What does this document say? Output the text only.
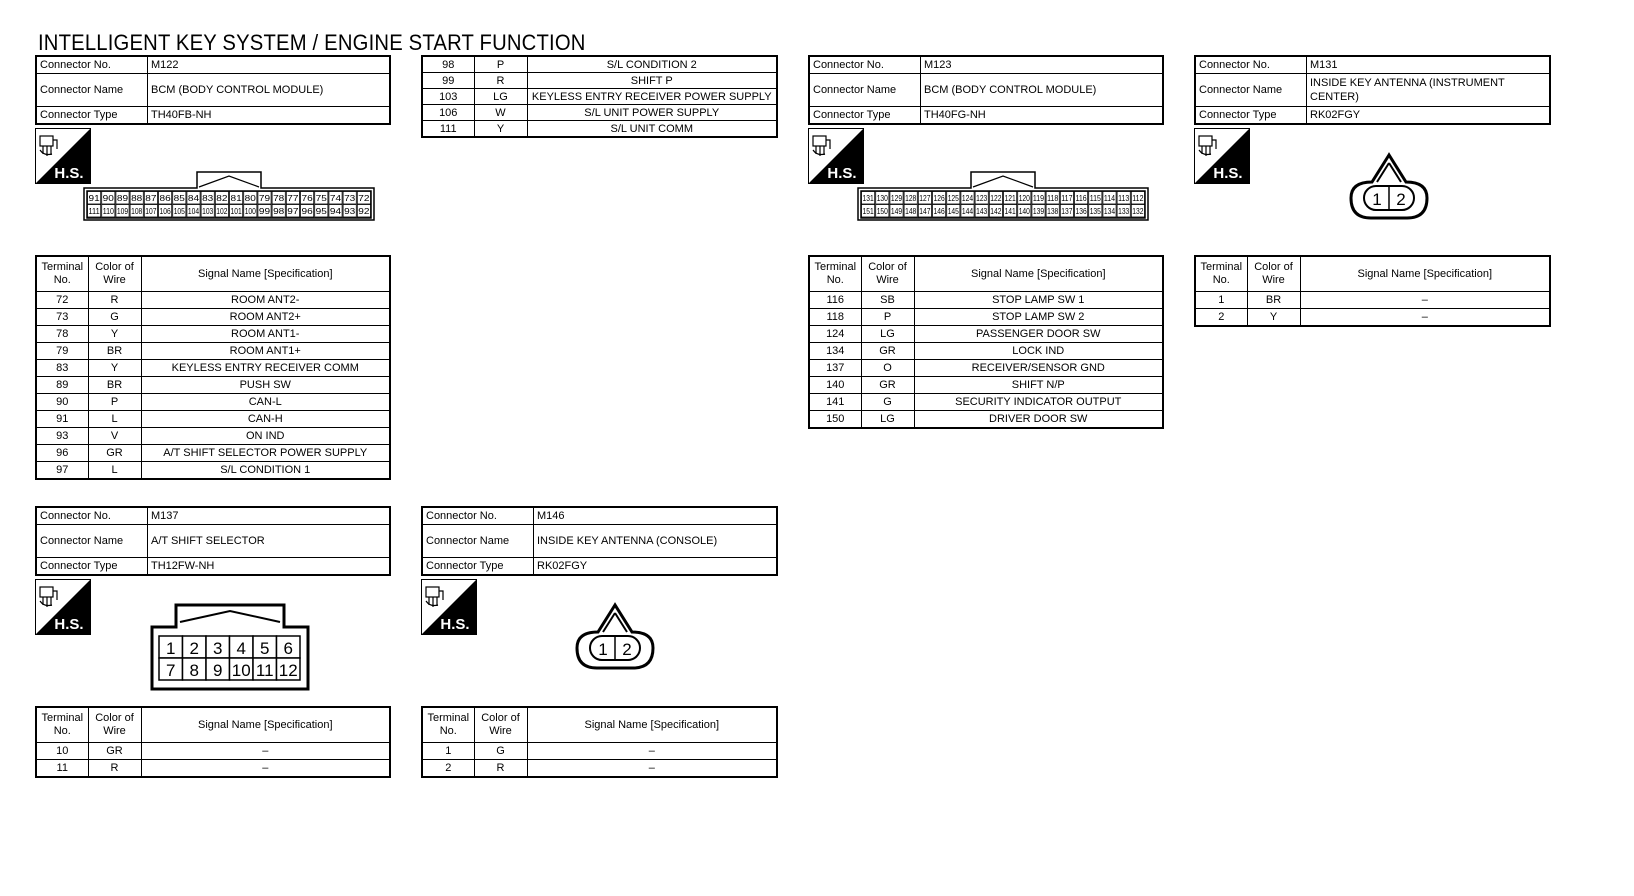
INTELLIGENT KEY SYSTEM / ENGINE START FUNCTION
Connector No.	M122
Connector Name	BCM (BODY CONTROL MODULE)
Connector Type	TH40FB-NH
H.S.
91 90 89 88 87 86 85 84 83 82 81 80 79 78 77 76 75 74 73 72
111 110 109 108 107 106 105 104 103 102 101 100 99 98 97 96 95 94 93 92
Terminal No.	Color of Wire	Signal Name [Specification]
72	R	ROOM ANT2-
73	G	ROOM ANT2+
78	Y	ROOM ANT1-
79	BR	ROOM ANT1+
83	Y	KEYLESS ENTRY RECEIVER COMM
89	BR	PUSH SW
90	P	CAN-L
91	L	CAN-H
93	V	ON IND
96	GR	A/T SHIFT SELECTOR POWER SUPPLY
97	L	S/L CONDITION 1
98	P	S/L CONDITION 2
99	R	SHIFT P
103	LG	KEYLESS ENTRY RECEIVER POWER SUPPLY
106	W	S/L UNIT POWER SUPPLY
111	Y	S/L UNIT COMM
Connector No.	M123
Connector Name	BCM (BODY CONTROL MODULE)
Connector Type	TH40FG-NH
H.S.
131 130 129 128 127 126 125 124 123 122 121 120 119 118 117 116 115 114 113 112
151 150 149 148 147 146 145 144 143 142 141 140 139 138 137 136 135 134 133 132
Terminal No.	Color of Wire	Signal Name [Specification]
116	SB	STOP LAMP SW 1
118	P	STOP LAMP SW 2
124	LG	PASSENGER DOOR SW
134	GR	LOCK IND
137	O	RECEIVER/SENSOR GND
140	GR	SHIFT N/P
141	G	SECURITY INDICATOR OUTPUT
150	LG	DRIVER DOOR SW
Connector No.	M131
Connector Name	INSIDE KEY ANTENNA (INSTRUMENT CENTER)
Connector Type	RK02FGY
H.S.
1 2
Terminal No.	Color of Wire	Signal Name [Specification]
1	BR	–
2	Y	–
Connector No.	M137
Connector Name	A/T SHIFT SELECTOR
Connector Type	TH12FW-NH
H.S.
1 2 3 4 5 6
7 8 9 10 11 12
Terminal No.	Color of Wire	Signal Name [Specification]
10	GR	–
11	R	–
Connector No.	M146
Connector Name	INSIDE KEY ANTENNA (CONSOLE)
Connector Type	RK02FGY
H.S.
1 2
Terminal No.	Color of Wire	Signal Name [Specification]
1	G	–
2	R	–
